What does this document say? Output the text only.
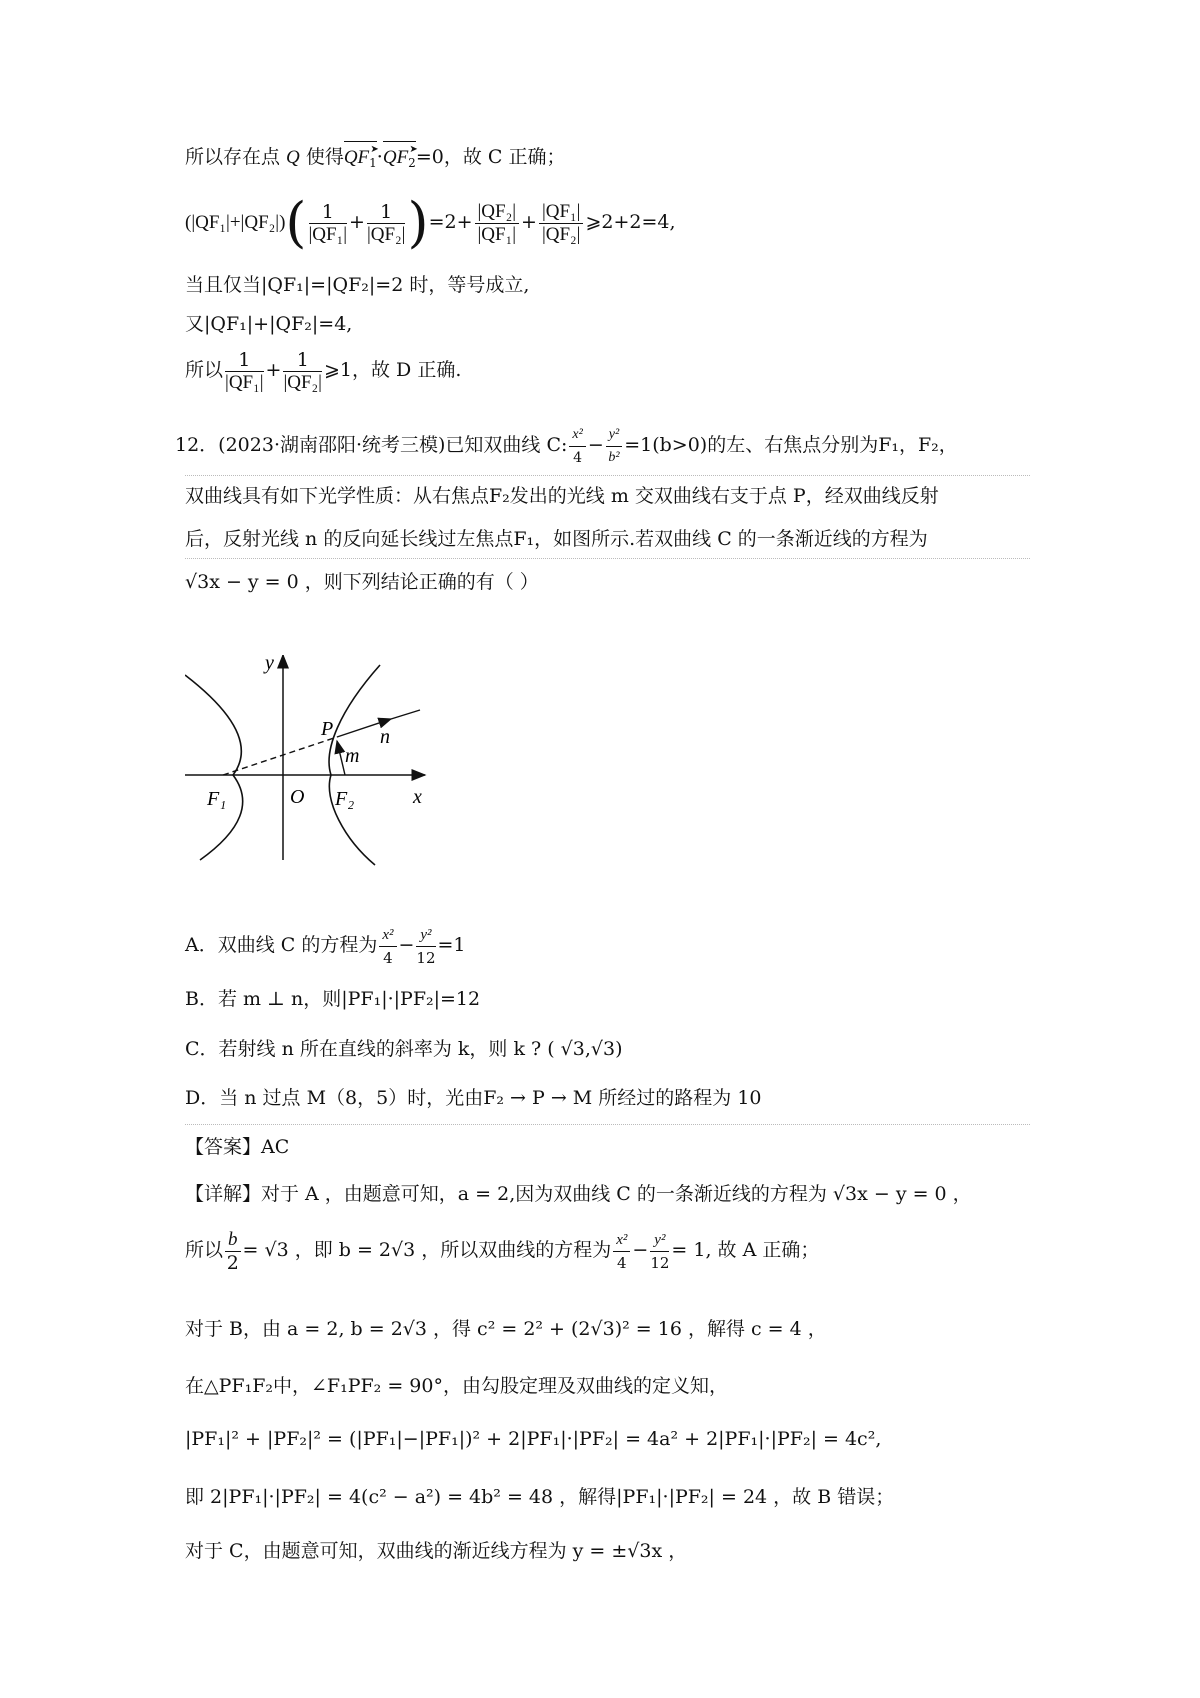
所以存在点 Q 使得	➤
$QF_1\cdot$	➤
$QF_2=0$，故 C 正确；
$(|QF_1|+|QF_2|)( \frac{1}{\text{|QF₁|}} + \frac{1}{\text{|QF₂|}} )=2+ \frac{\text{|QF₂|}}{\text{|QF₁|}} + \frac{\text{|QF₁|}}{\text{|QF₂|}}$ ⩾2+2=4,
当且仅当|QF₁|=|QF₂|=2 时，等号成立,
又|QF₁|+|QF₂|=4,
所以 $\frac{1}{\text{|QF₁|}} + \frac{1}{\text{|QF₂|}}$ ⩾1，故 D 正确.
12．(2023·湖南邵阳·统考三模)已知双曲线 C: $\frac{\text{x²}}{4} - \frac{\text{y²}}{\text{b²}} =1(b>0)$的左、右焦点分别为F₁，F₂，
双曲线具有如下光学性质：从右焦点F₂发出的光线 m 交双曲线右支于点 P，经双曲线反射
后，反射光线 n 的反向延长线过左焦点F₁，如图所示.若双曲线 C 的一条渐近线的方程为
√3x − y = 0 ，则下列结论正确的有（ ）
y
x
O
F₁	F₂
P n
m
A．双曲线 C 的方程为 $\frac{\text{x²}}{4} - \frac{\text{y²}}{12} =1$
B．若 m ⊥ n，则|PF₁|·|PF₂|=12
C．若射线 n 所在直线的斜率为 k，则 k ? ( √3,√3)
D．当 n 过点 M（8，5）时，光由F₂ → P → M 所经过的路程为 10
【答案】AC
【详解】对于 A ，由题意可知，a = 2,因为双曲线 C 的一条渐近线的方程为 √3x − y = 0 ，
所以 $\frac{b}{2} = √3$ ，即 b = 2√3 ，所以双曲线的方程为 $\frac{\text{x²}}{4} - \frac{\text{y²}}{12} = 1$, 故 A 正确；
对于 B，由 a = 2, b = 2√3 ，得 c² = 2² + (2√3)² = 16 ，解得 c = 4 ，
在△PF₁F₂中，∠F₁PF₂ = 90°，由勾股定理及双曲线的定义知，
|PF₁|² + |PF₂|² = (|PF₁|−|PF₁|)² + 2|PF₁|·|PF₂| = 4a² + 2|PF₁|·|PF₂| = 4c²,
即 2|PF₁|·|PF₂| = 4(c² − a²) = 4b² = 48 ，解得|PF₁|·|PF₂| = 24 ，故 B 错误；
对于 C，由题意可知，双曲线的渐近线方程为 y = ±√3x ，
